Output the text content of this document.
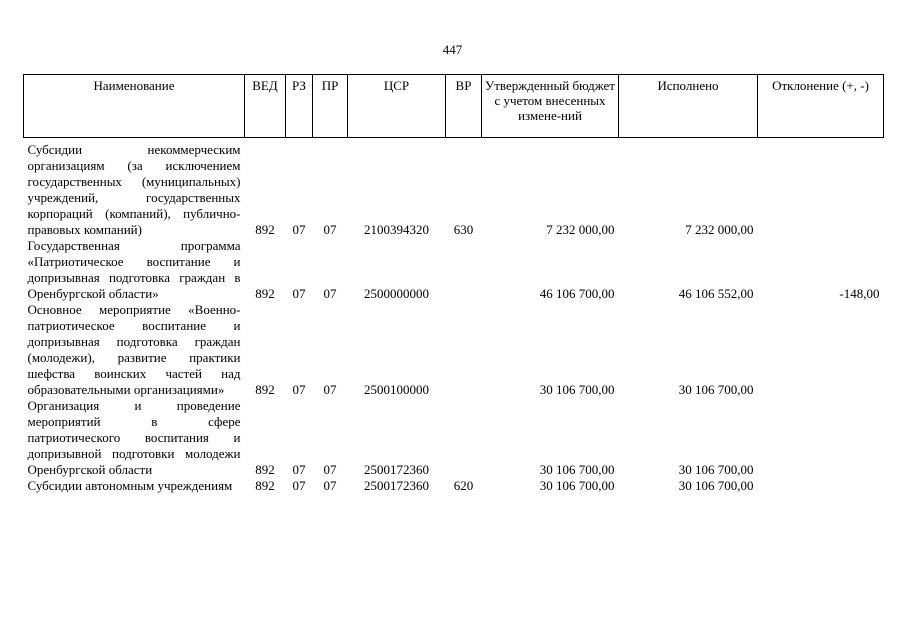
447
Наименование	ВЕД	РЗ	ПР	ЦСР	ВР	Утвержденный бюджет с учетом внесенных измене-ний	Исполнено	Отклонение (+, -)
Субсидии некоммерческим организациям (за исключением государственных (муниципальных) учреждений, государственных корпораций (компаний), публично-правовых компаний)	892	07	07	2100394320	630	7 232 000,00	7 232 000,00	
Государственная программа «Патриотическое воспитание и допризывная подготовка граждан в Оренбургской области»	892	07	07	2500000000		46 106 700,00	46 106 552,00	-148,00
Основное мероприятие «Военно-патриотическое воспитание и допризывная подготовка граждан (молодежи), развитие практики шефства воинских частей над образовательными организациями»	892	07	07	2500100000		30 106 700,00	30 106 700,00	
Организация и проведение мероприятий в сфере патриотического воспитания и допризывной подготовки молодежи Оренбургской области	892	07	07	2500172360		30 106 700,00	30 106 700,00	
Субсидии автономным учреждениям	892	07	07	2500172360	620	30 106 700,00	30 106 700,00	
